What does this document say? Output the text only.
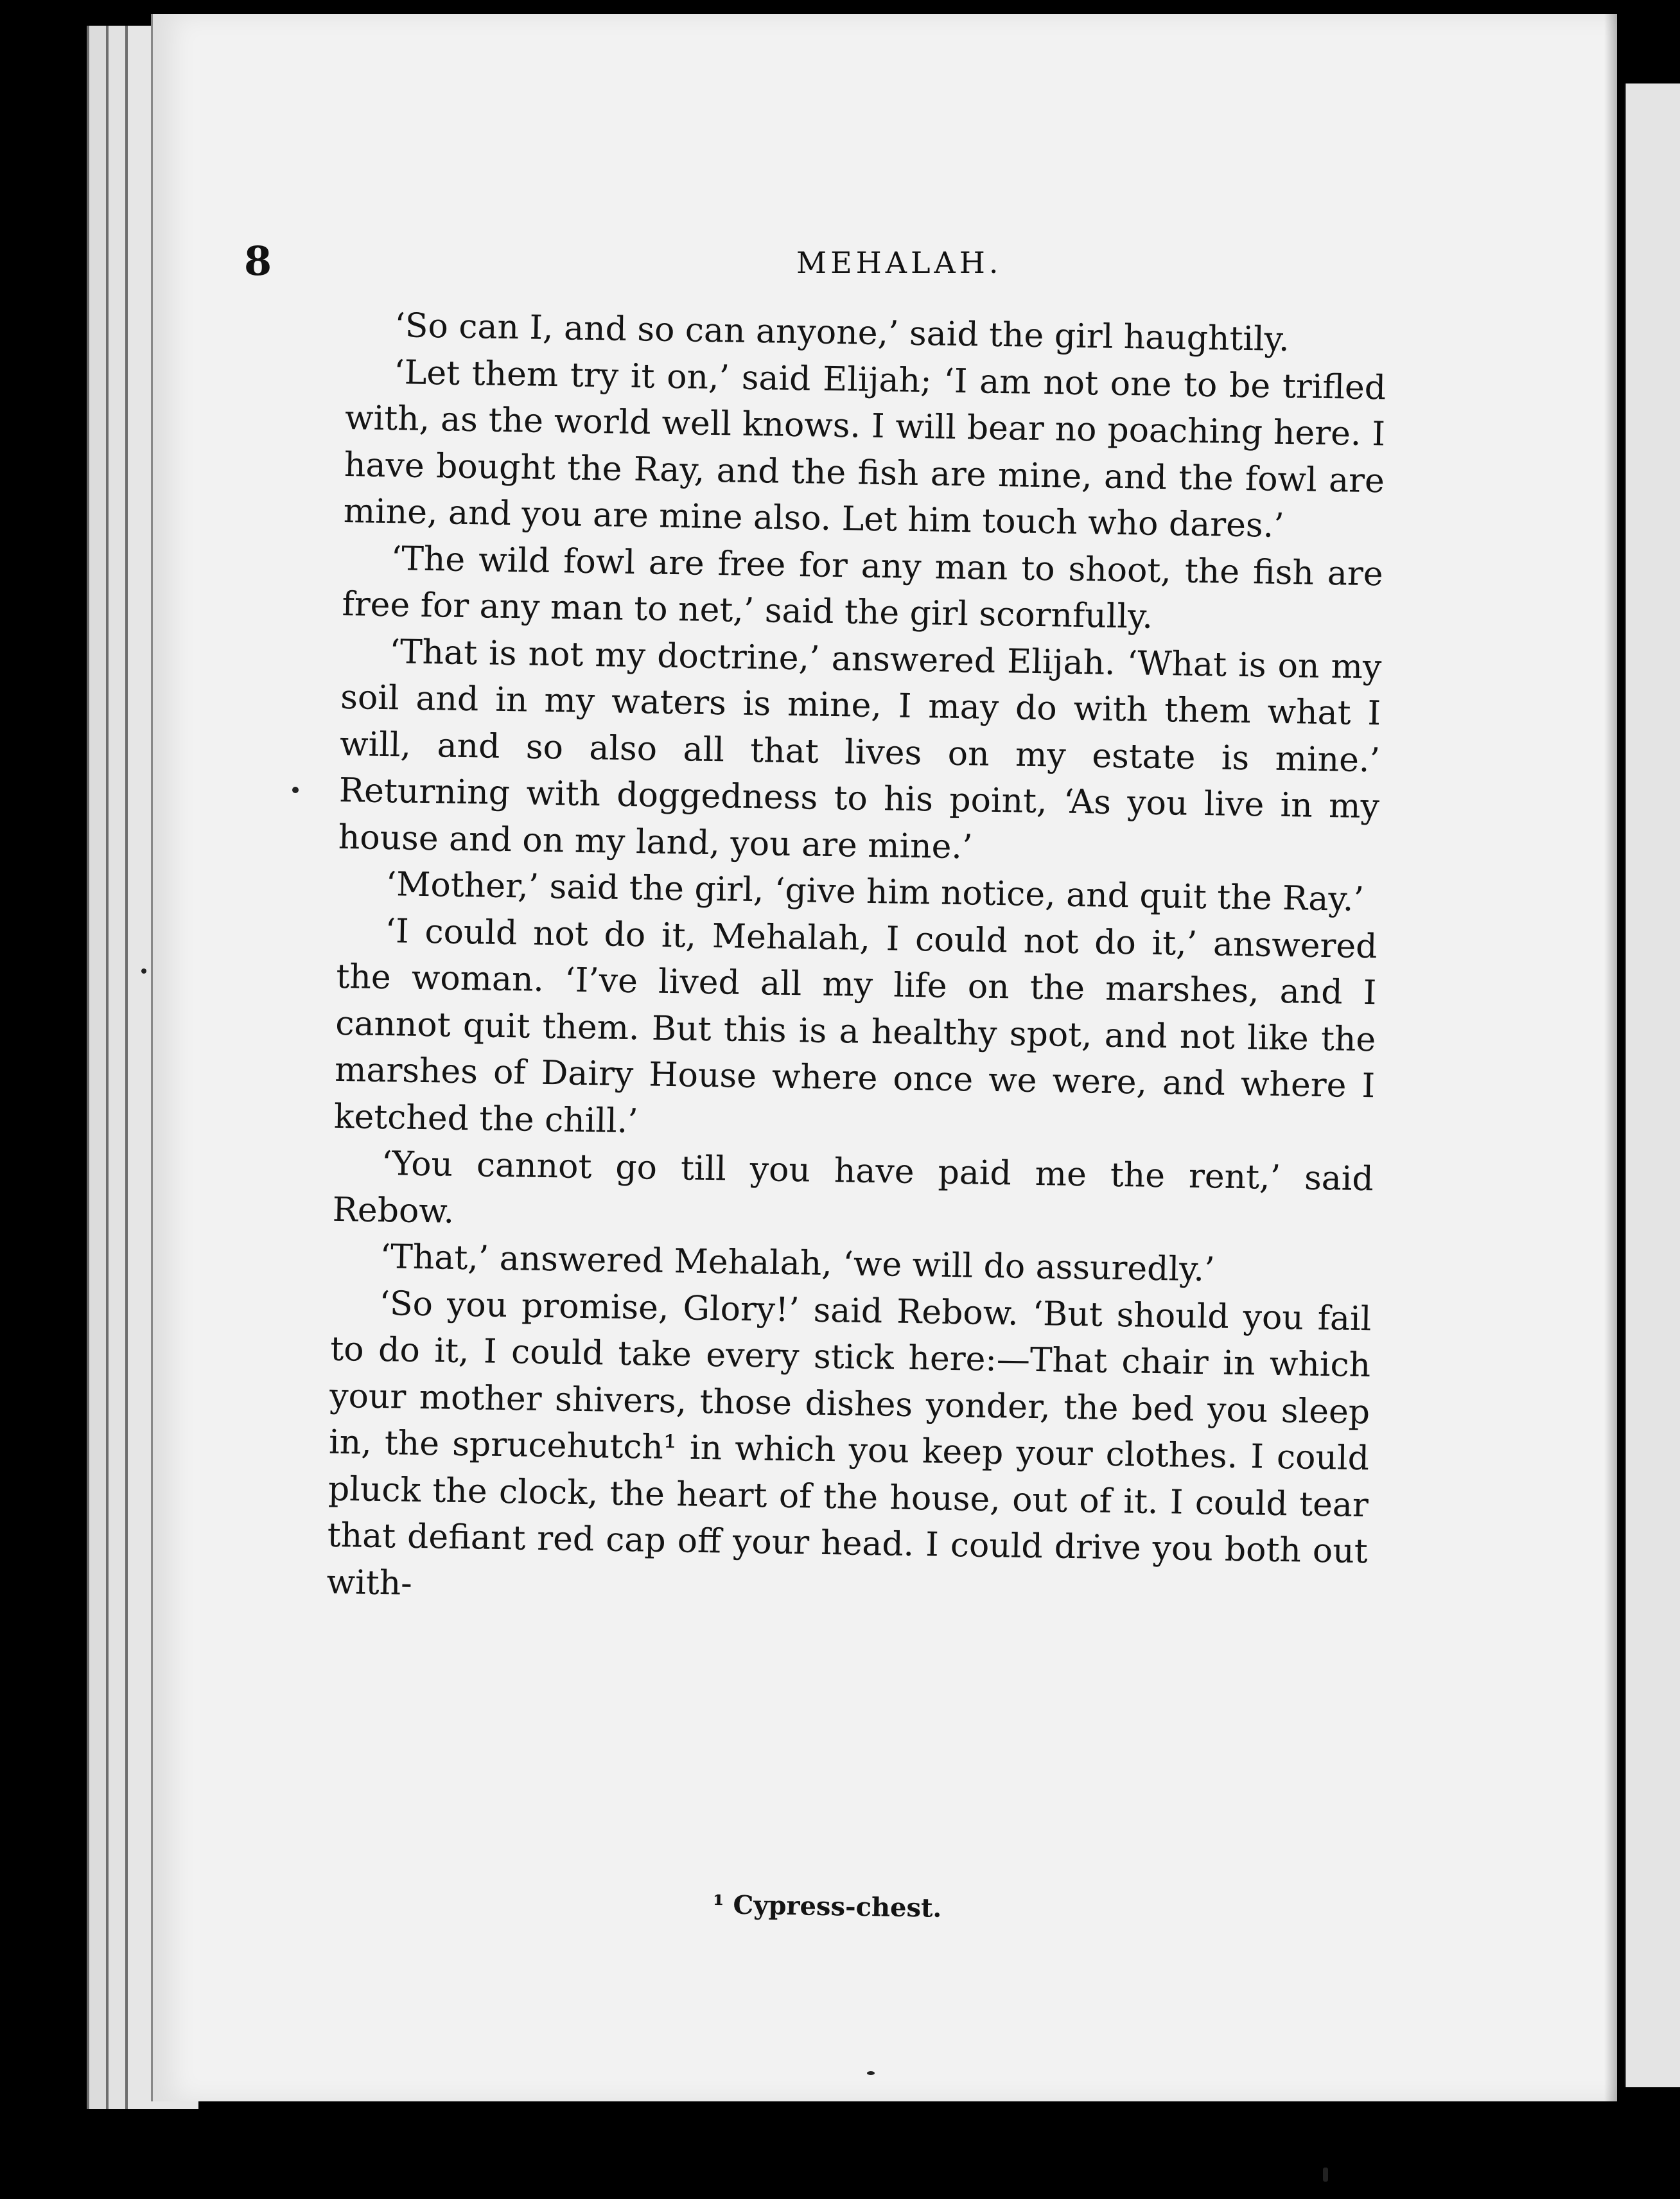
8	MEHALAH.

‘So can I, and so can anyone,’ said the girl haughtily.

‘Let them try it on,’ said Elijah; ‘I am not one to be trifled with, as the world well knows. I will bear no poaching here. I have bought the Ray, and the fish are mine, and the fowl are mine, and you are mine also. Let him touch who dares.’

‘The wild fowl are free for any man to shoot, the fish are free for any man to net,’ said the girl scornfully.

‘That is not my doctrine,’ answered Elijah. ‘What is on my soil and in my waters is mine, I may do with them what I will, and so also all that lives on my estate is mine.’ Returning with doggedness to his point, ‘As you live in my house and on my land, you are mine.’

‘Mother,’ said the girl, ‘give him notice, and quit the Ray.’

‘I could not do it, Mehalah, I could not do it,’ answered the woman. ‘I’ve lived all my life on the marshes, and I cannot quit them. But this is a healthy spot, and not like the marshes of Dairy House where once we were, and where I ketched the chill.’

‘You cannot go till you have paid me the rent,’ said Rebow.

‘That,’ answered Mehalah, ‘we will do assuredly.’

‘So you promise, Glory!’ said Rebow. ‘But should you fail to do it, I could take every stick here:—That chair in which your mother shivers, those dishes yonder, the bed you sleep in, the sprucehutch¹ in which you keep your clothes. I could pluck the clock, the heart of the house, out of it. I could tear that defiant red cap off your head. I could drive you both out with-

¹ Cypress-chest.
